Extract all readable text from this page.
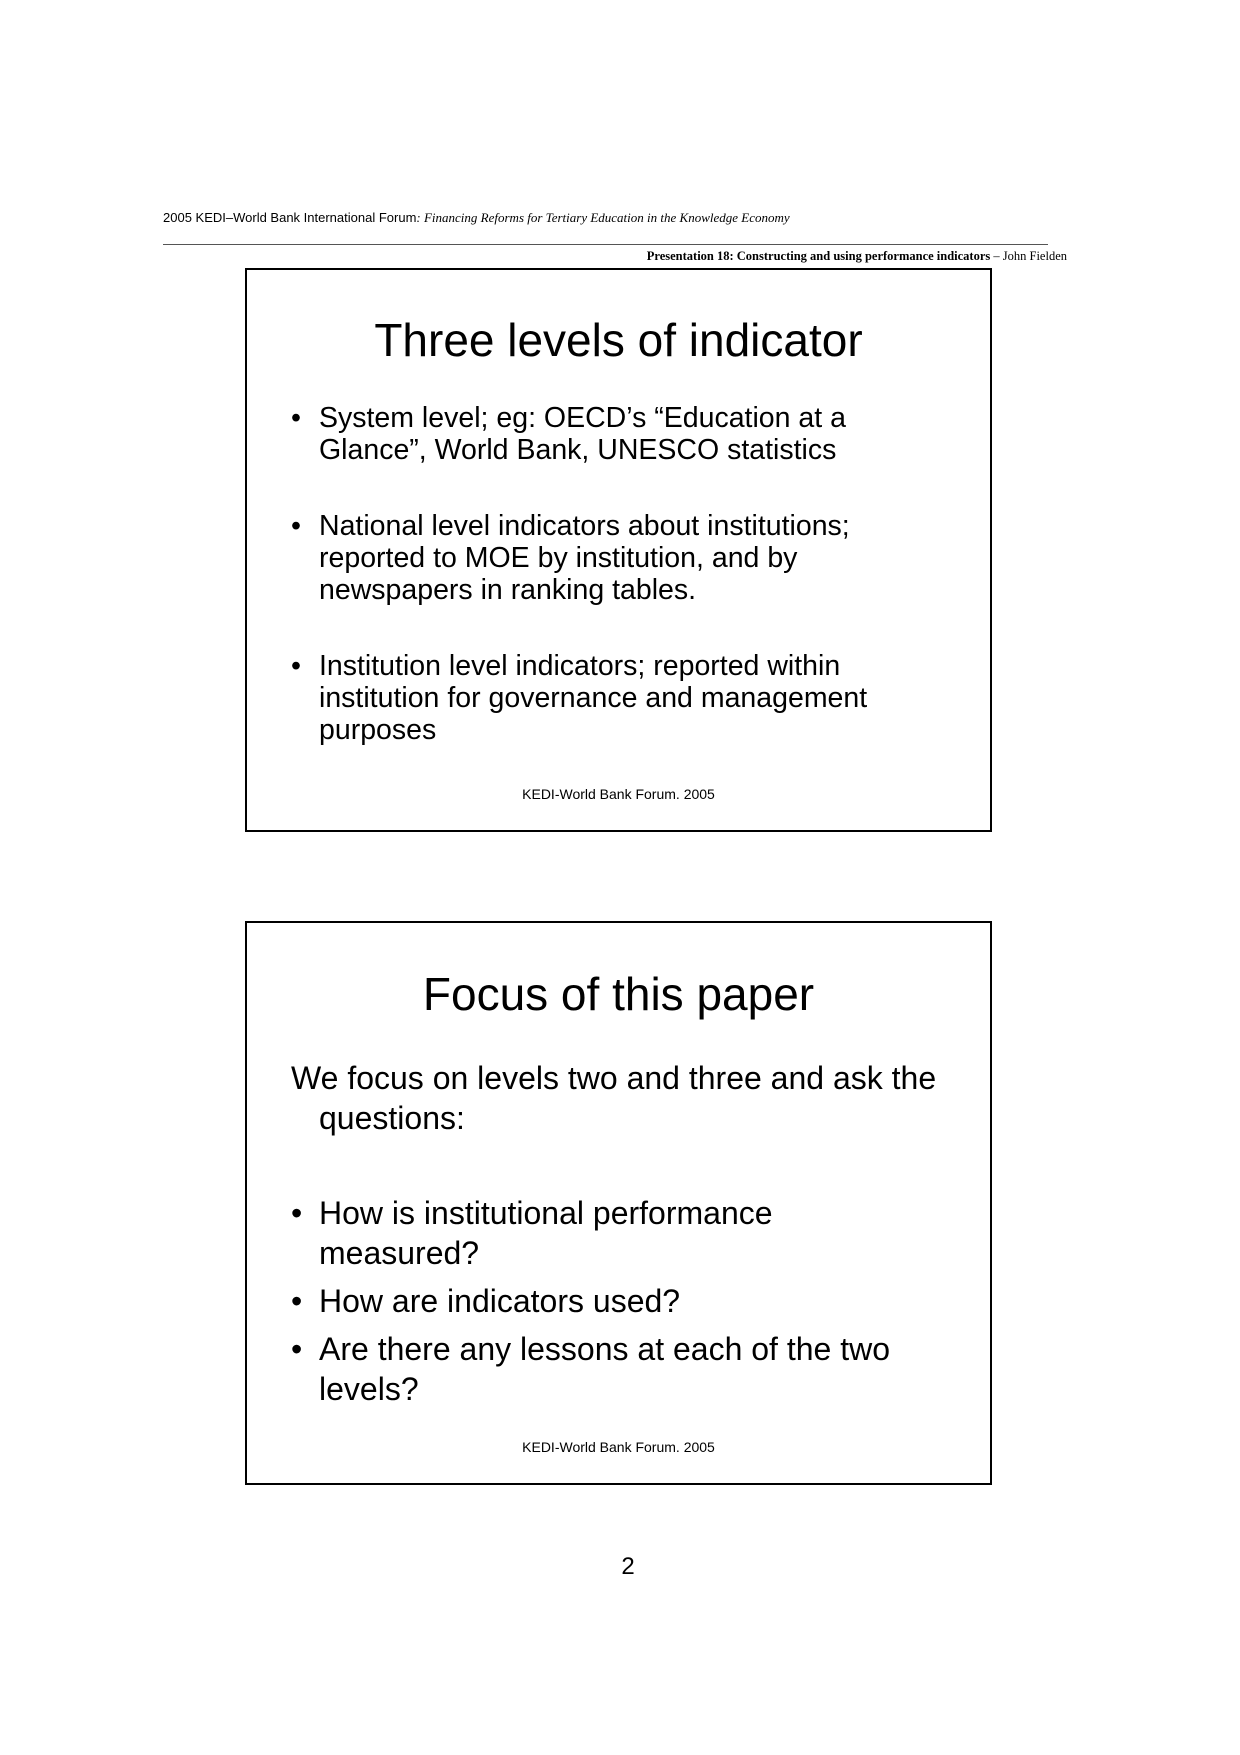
2005 KEDI–World Bank International Forum: Financing Reforms for Tertiary Education in the Knowledge Economy
Presentation 18: Constructing and using performance indicators – John Fielden
Three levels of indicator
• System level; eg: OECD’s “Education at a Glance”, World Bank, UNESCO statistics
• National level indicators about institutions; reported to MOE by institution, and by newspapers in ranking tables.
• Institution level indicators; reported within institution for governance and management purposes
KEDI-World Bank Forum. 2005
Focus of this paper
We focus on levels two and three and ask the questions:
• How is institutional performance measured?
• How are indicators used?
• Are there any lessons at each of the two levels?
KEDI-World Bank Forum. 2005
2
